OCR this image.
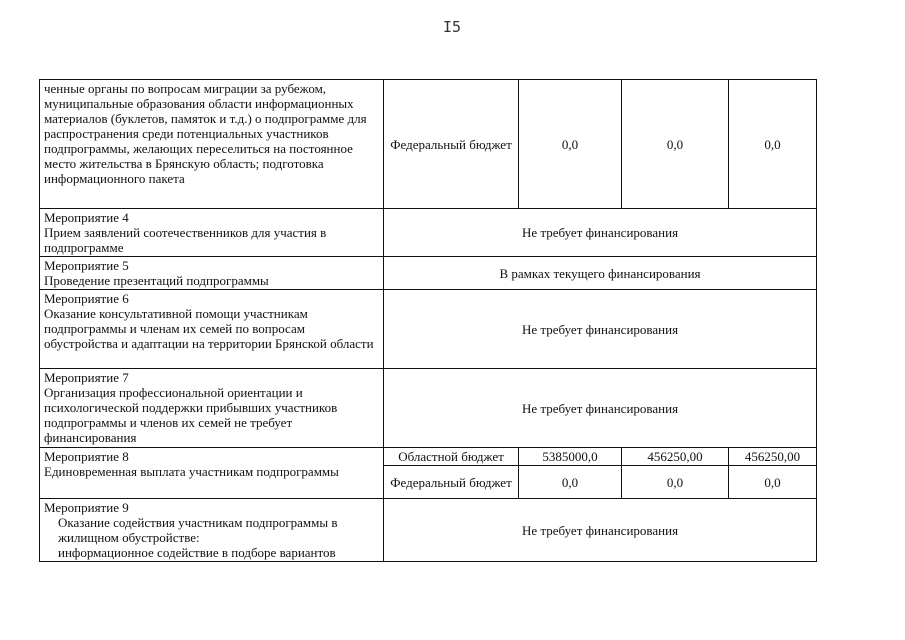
I5
ченные органы по вопросам миграции за рубежом, муниципальные образования области информационных материалов (буклетов, памяток и т.д.) о подпрограмме для распространения среди потенциальных участников подпрограммы, желающих переселиться на постоянное место жительства в Брянскую область; подготовка информационного пакета	Федеральный бюджет	0,0	0,0	0,0

Мероприятие 4
Прием заявлений соотечественников для участия в подпрограмме	Не требует финансирования			

Мероприятие 5
Проведение презентаций подпрограммы	В рамках текущего финансирования			

Мероприятие 6
Оказание консультативной помощи участникам подпрограммы и членам их семей по вопросам обустройства и адаптации на территории Брянской области	Не требует финансирования			

Мероприятие 7
Организация профессиональной ориентации и психологической поддержки прибывших участников подпрограммы и членов их семей не требует финансирования	Не требует финансирования			

Мероприятие 8
Единовременная выплата участникам подпрограммы	Областной бюджет	5385000,0	456250,00	456250,00
	Федеральный бюджет	0,0	0,0	0,0

Мероприятие 9
Оказание содействия участникам подпрограммы в жилищном обустройстве:
информационное содействие в подборе вариантов	Не требует финансирования			
